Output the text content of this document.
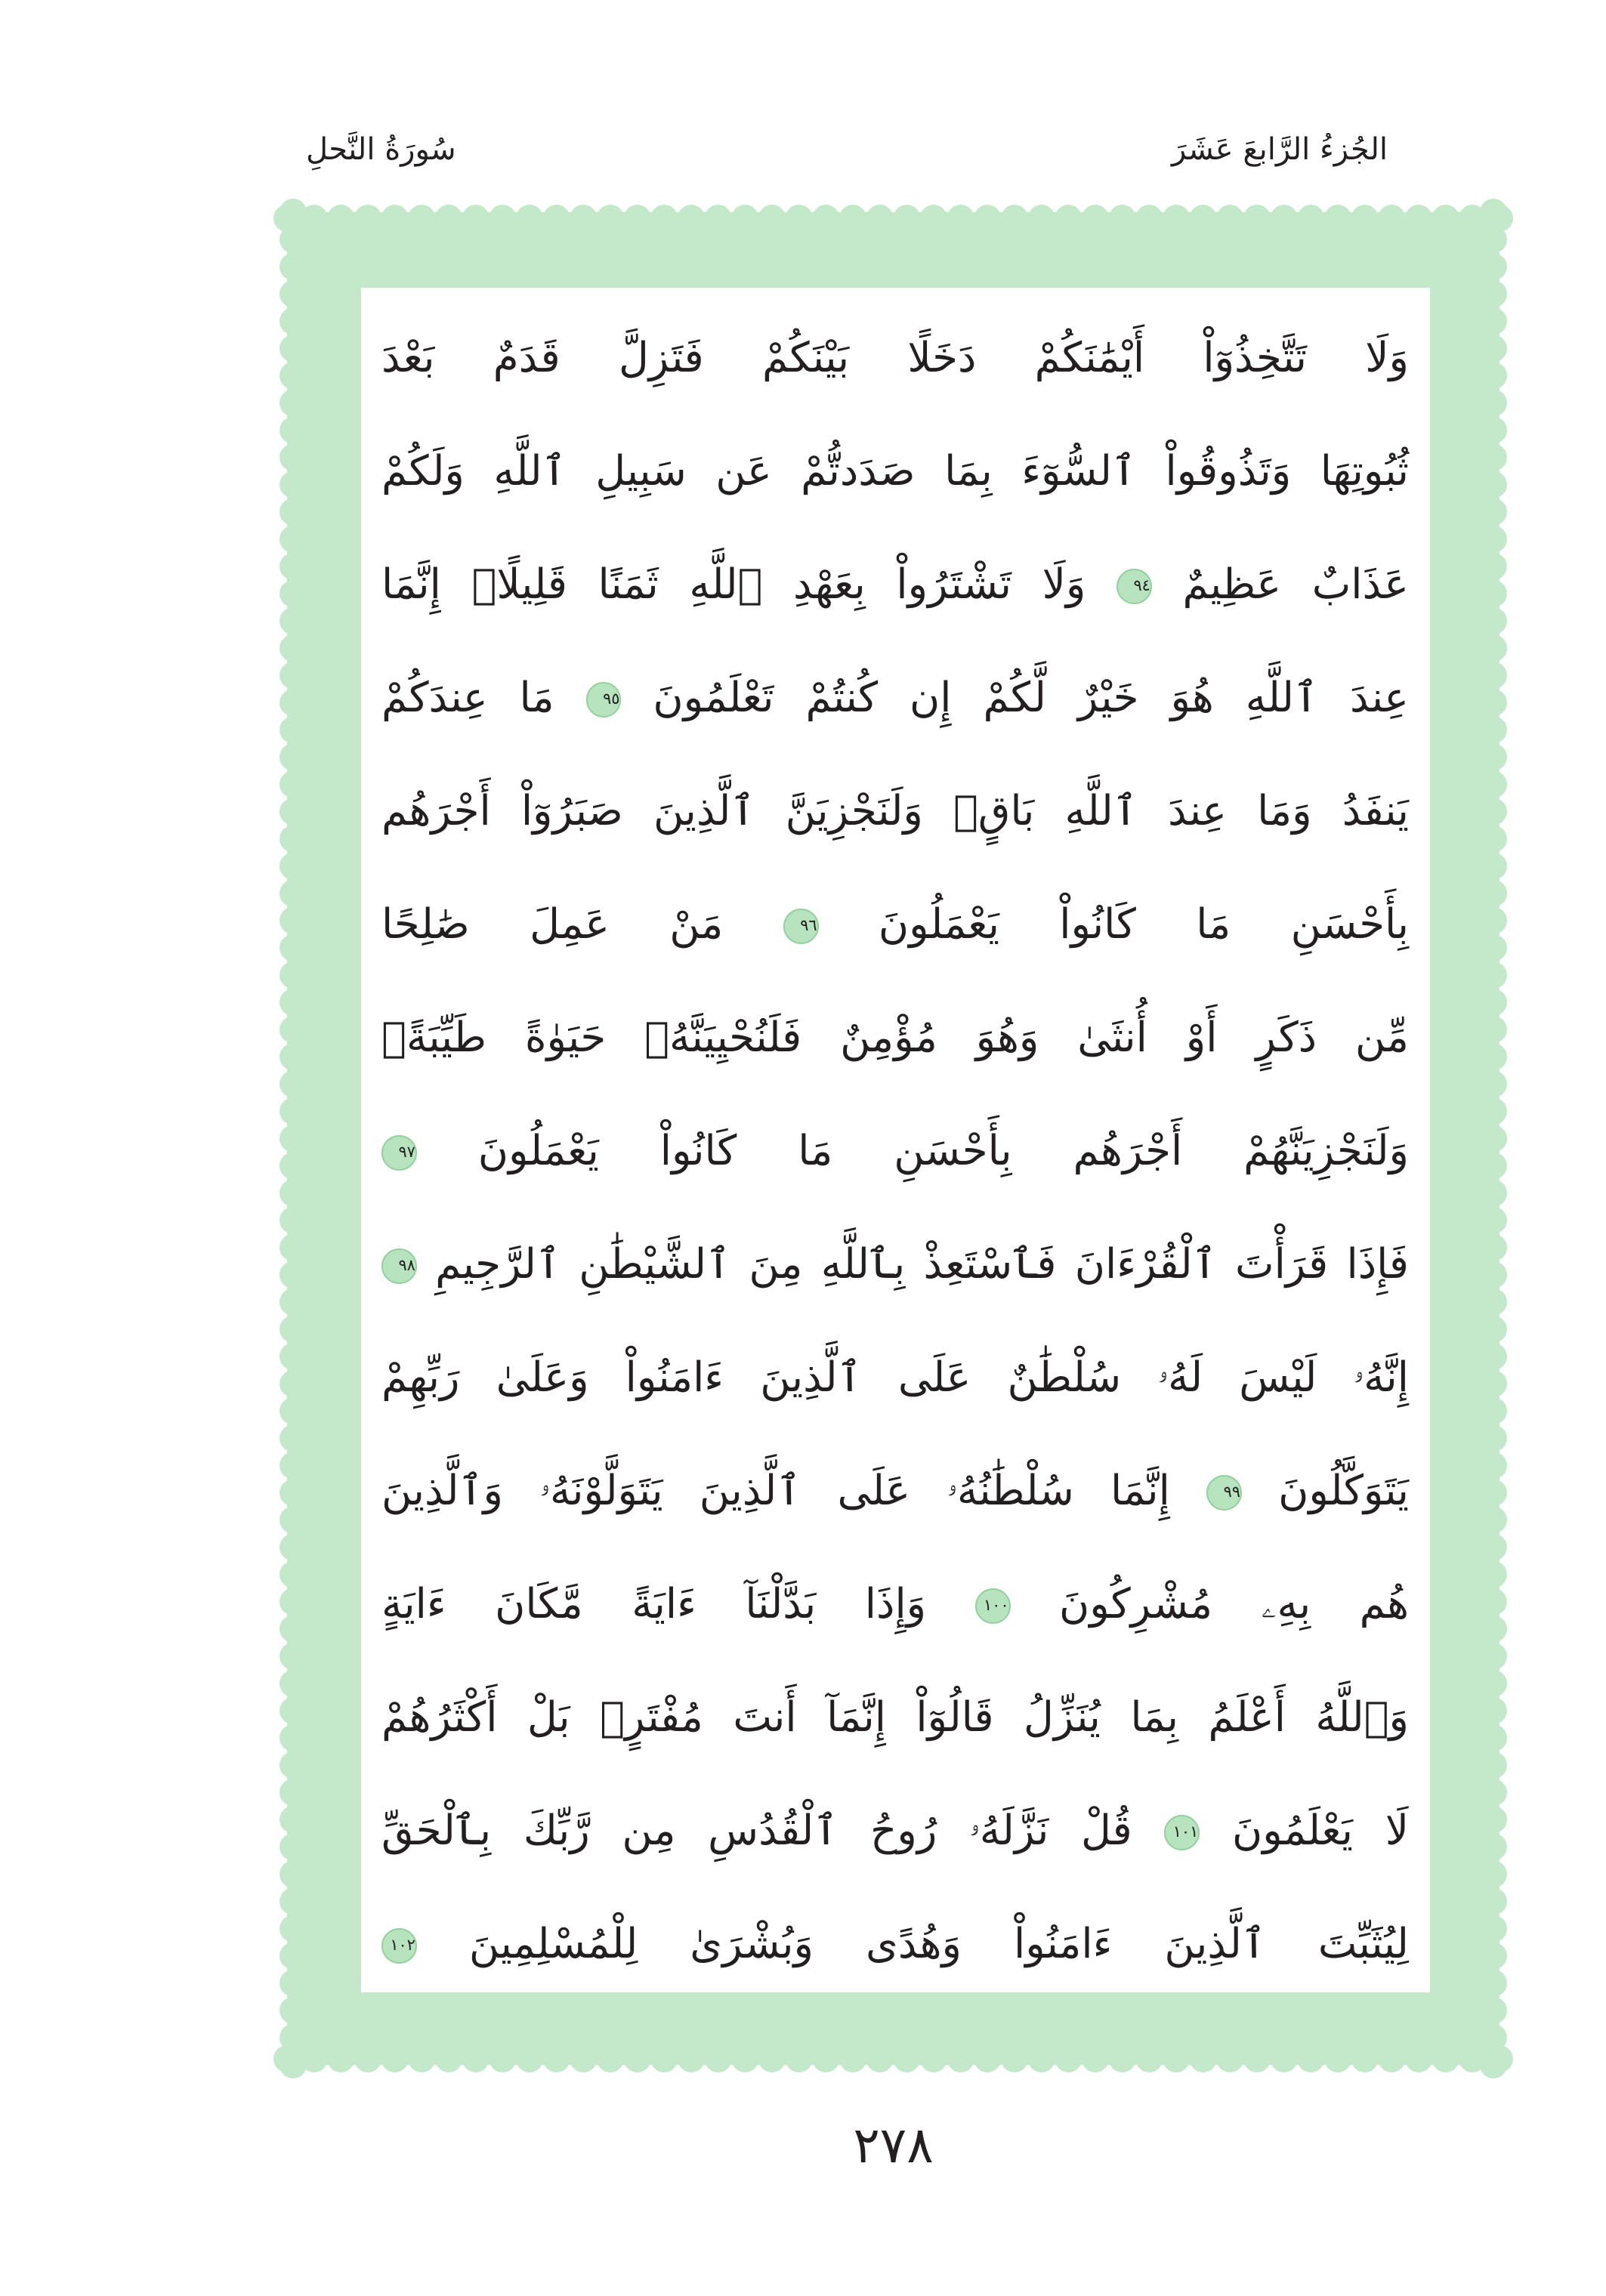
الجُزءُ الرَّابعَ عَشَرَ
سُورَةُ النَّحلِ
وَلَا تَتَّخِذُوٓاْ أَيْمَٰنَكُمْ دَخَلًا بَيْنَكُمْ فَتَزِلَّ قَدَمٌ بَعْدَ
ثُبُوتِهَا وَتَذُوقُواْ ٱلسُّوٓءَ بِمَا صَدَدتُّمْ عَن سَبِيلِ ٱللَّهِ وَلَكُمْ
عَذَابٌ عَظِيمٌ ٩٤ وَلَا تَشْتَرُواْ بِعَهْدِ ٱللَّهِ ثَمَنًا قَلِيلًاۚ إِنَّمَا
عِندَ ٱللَّهِ هُوَ خَيْرٌ لَّكُمْ إِن كُنتُمْ تَعْلَمُونَ ٩٥ مَا عِندَكُمْ
يَنفَدُ وَمَا عِندَ ٱللَّهِ بَاقٍۗ وَلَنَجْزِيَنَّ ٱلَّذِينَ صَبَرُوٓاْ أَجْرَهُم
بِأَحْسَنِ مَا كَانُواْ يَعْمَلُونَ ٩٦ مَنْ عَمِلَ صَٰلِحًا
مِّن ذَكَرٍ أَوْ أُنثَىٰ وَهُوَ مُؤْمِنٌ فَلَنُحْيِيَنَّهُۥ حَيَوٰةً طَيِّبَةًۖ
وَلَنَجْزِيَنَّهُمْ أَجْرَهُم بِأَحْسَنِ مَا كَانُواْ يَعْمَلُونَ ٩٧
فَإِذَا قَرَأْتَ ٱلْقُرْءَانَ فَٱسْتَعِذْ بِٱللَّهِ مِنَ ٱلشَّيْطَٰنِ ٱلرَّجِيمِ ٩٨
إِنَّهُۥ لَيْسَ لَهُۥ سُلْطَٰنٌ عَلَى ٱلَّذِينَ ءَامَنُواْ وَعَلَىٰ رَبِّهِمْ
يَتَوَكَّلُونَ ٩٩ إِنَّمَا سُلْطَٰنُهُۥ عَلَى ٱلَّذِينَ يَتَوَلَّوْنَهُۥ وَٱلَّذِينَ
هُم بِهِۦ مُشْرِكُونَ ١٠٠ وَإِذَا بَدَّلْنَآ ءَايَةً مَّكَانَ ءَايَةٍ
وَٱللَّهُ أَعْلَمُ بِمَا يُنَزِّلُ قَالُوٓاْ إِنَّمَآ أَنتَ مُفْتَرٍۚ بَلْ أَكْثَرُهُمْ
لَا يَعْلَمُونَ ١٠١ قُلْ نَزَّلَهُۥ رُوحُ ٱلْقُدُسِ مِن رَّبِّكَ بِٱلْحَقِّ
لِيُثَبِّتَ ٱلَّذِينَ ءَامَنُواْ وَهُدًى وَبُشْرَىٰ لِلْمُسْلِمِينَ ١٠٢
٢٧٨
